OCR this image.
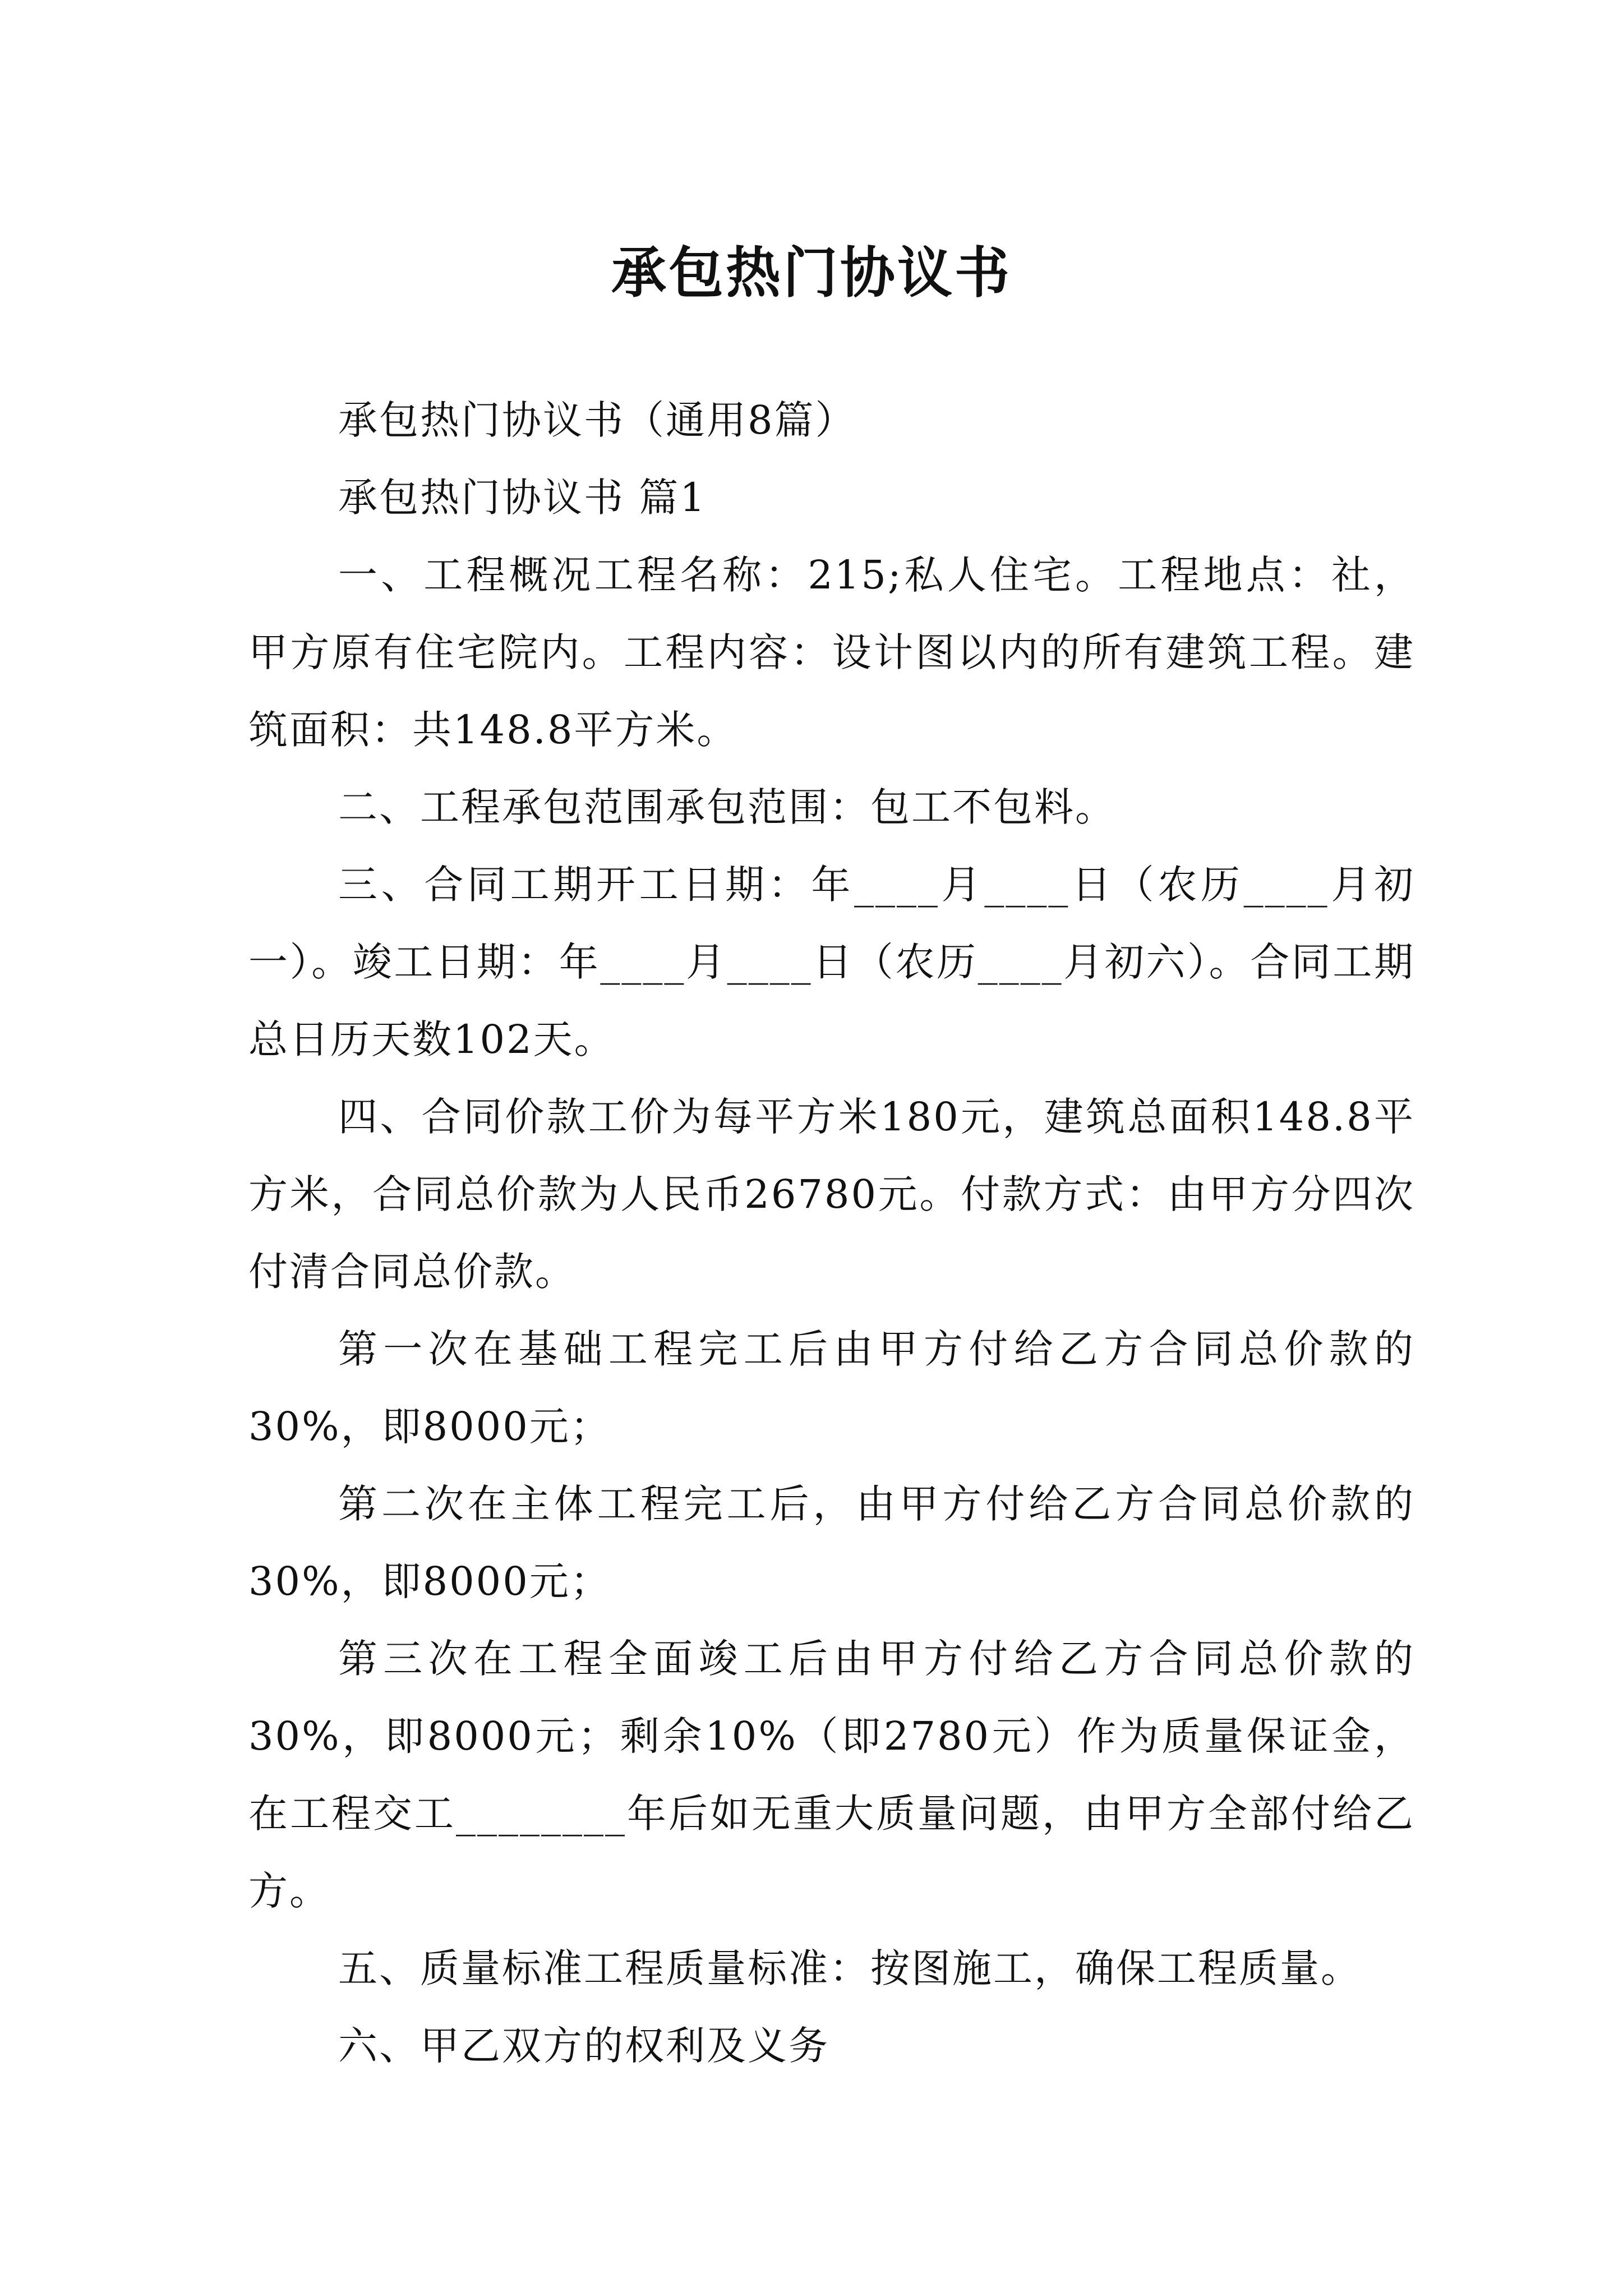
承包热门协议书

承包热门协议书（通用8篇）

承包热门协议书 篇1

一、工程概况工程名称：215;私人住宅。工程地点：社，甲方原有住宅院内。工程内容：设计图以内的所有建筑工程。建筑面积：共148.8平方米。

二、工程承包范围承包范围：包工不包料。

三、合同工期开工日期：年____月____日（农历____月初一）。竣工日期：年____月____日（农历____月初六）。合同工期总日历天数102天。

四、合同价款工价为每平方米180元，建筑总面积148.8平方米，合同总价款为人民币26780元。付款方式：由甲方分四次付清合同总价款。

第一次在基础工程完工后由甲方付给乙方合同总价款的30%，即8000元；

第二次在主体工程完工后，由甲方付给乙方合同总价款的30%，即8000元；

第三次在工程全面竣工后由甲方付给乙方合同总价款的30%，即8000元；剩余10%（即2780元）作为质量保证金，在工程交工________年后如无重大质量问题，由甲方全部付给乙方。

五、质量标准工程质量标准：按图施工，确保工程质量。

六、甲乙双方的权利及义务
